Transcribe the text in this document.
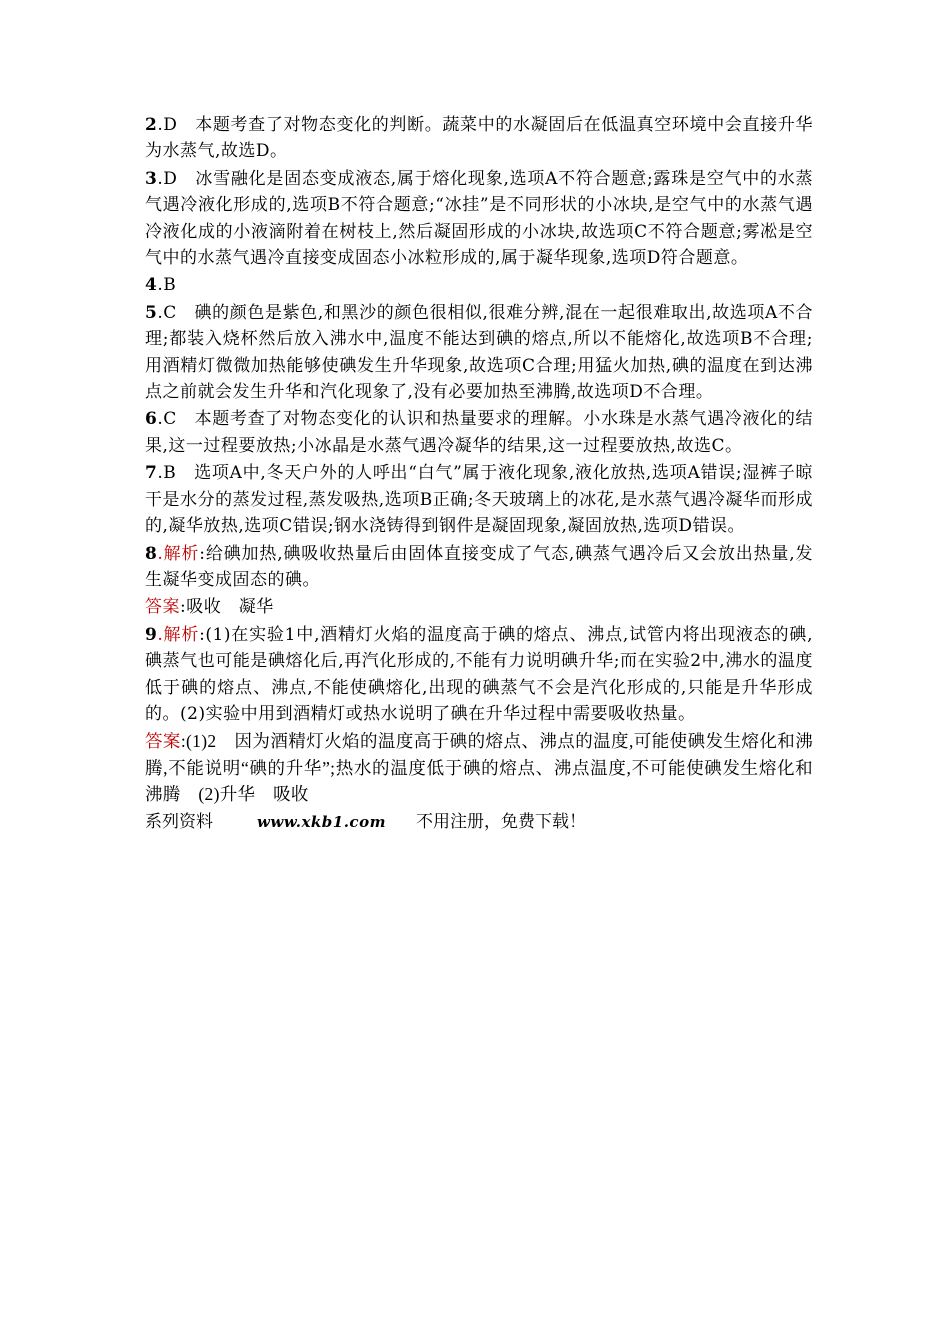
2.D　本题考查了对物态变化的判断。蔬菜中的水凝固后在低温真空环境中会直接升华为水蒸气,故选D。
3.D　冰雪融化是固态变成液态,属于熔化现象,选项A不符合题意;露珠是空气中的水蒸气遇冷液化形成的,选项B不符合题意;“冰挂”是不同形状的小冰块,是空气中的水蒸气遇冷液化成的小液滴附着在树枝上,然后凝固形成的小冰块,故选项C不符合题意;雾凇是空气中的水蒸气遇冷直接变成固态小冰粒形成的,属于凝华现象,选项D符合题意。
4.B
5.C　碘的颜色是紫色,和黑沙的颜色很相似,很难分辨,混在一起很难取出,故选项A不合理;都装入烧杯然后放入沸水中,温度不能达到碘的熔点,所以不能熔化,故选项B不合理;用酒精灯微微加热能够使碘发生升华现象,故选项C合理;用猛火加热,碘的温度在到达沸点之前就会发生升华和汽化现象了,没有必要加热至沸腾,故选项D不合理。
6.C　本题考查了对物态变化的认识和热量要求的理解。小水珠是水蒸气遇冷液化的结果,这一过程要放热;小冰晶是水蒸气遇冷凝华的结果,这一过程要放热,故选C。
7.B　选项A中,冬天户外的人呼出“白气”属于液化现象,液化放热,选项A错误;湿裤子晾干是水分的蒸发过程,蒸发吸热,选项B正确;冬天玻璃上的冰花,是水蒸气遇冷凝华而形成的,凝华放热,选项C错误;钢水浇铸得到钢件是凝固现象,凝固放热,选项D错误。
8.解析:给碘加热,碘吸收热量后由固体直接变成了气态,碘蒸气遇冷后又会放出热量,发生凝华变成固态的碘。
答案:吸收　凝华
9.解析:(1)在实验1中,酒精灯火焰的温度高于碘的熔点、沸点,试管内将出现液态的碘,碘蒸气也可能是碘熔化后,再汽化形成的,不能有力说明碘升华;而在实验2中,沸水的温度低于碘的熔点、沸点,不能使碘熔化,出现的碘蒸气不会是汽化形成的,只能是升华形成的。(2)实验中用到酒精灯或热水说明了碘在升华过程中需要吸收热量。
答案:(1)2　因为酒精灯火焰的温度高于碘的熔点、沸点的温度,可能使碘发生熔化和沸腾,不能说明“碘的升华”;热水的温度低于碘的熔点、沸点温度,不可能使碘发生熔化和沸腾　(2)升华　吸收
系列资料	www.xkb1.com 不用注册，免费下载！
